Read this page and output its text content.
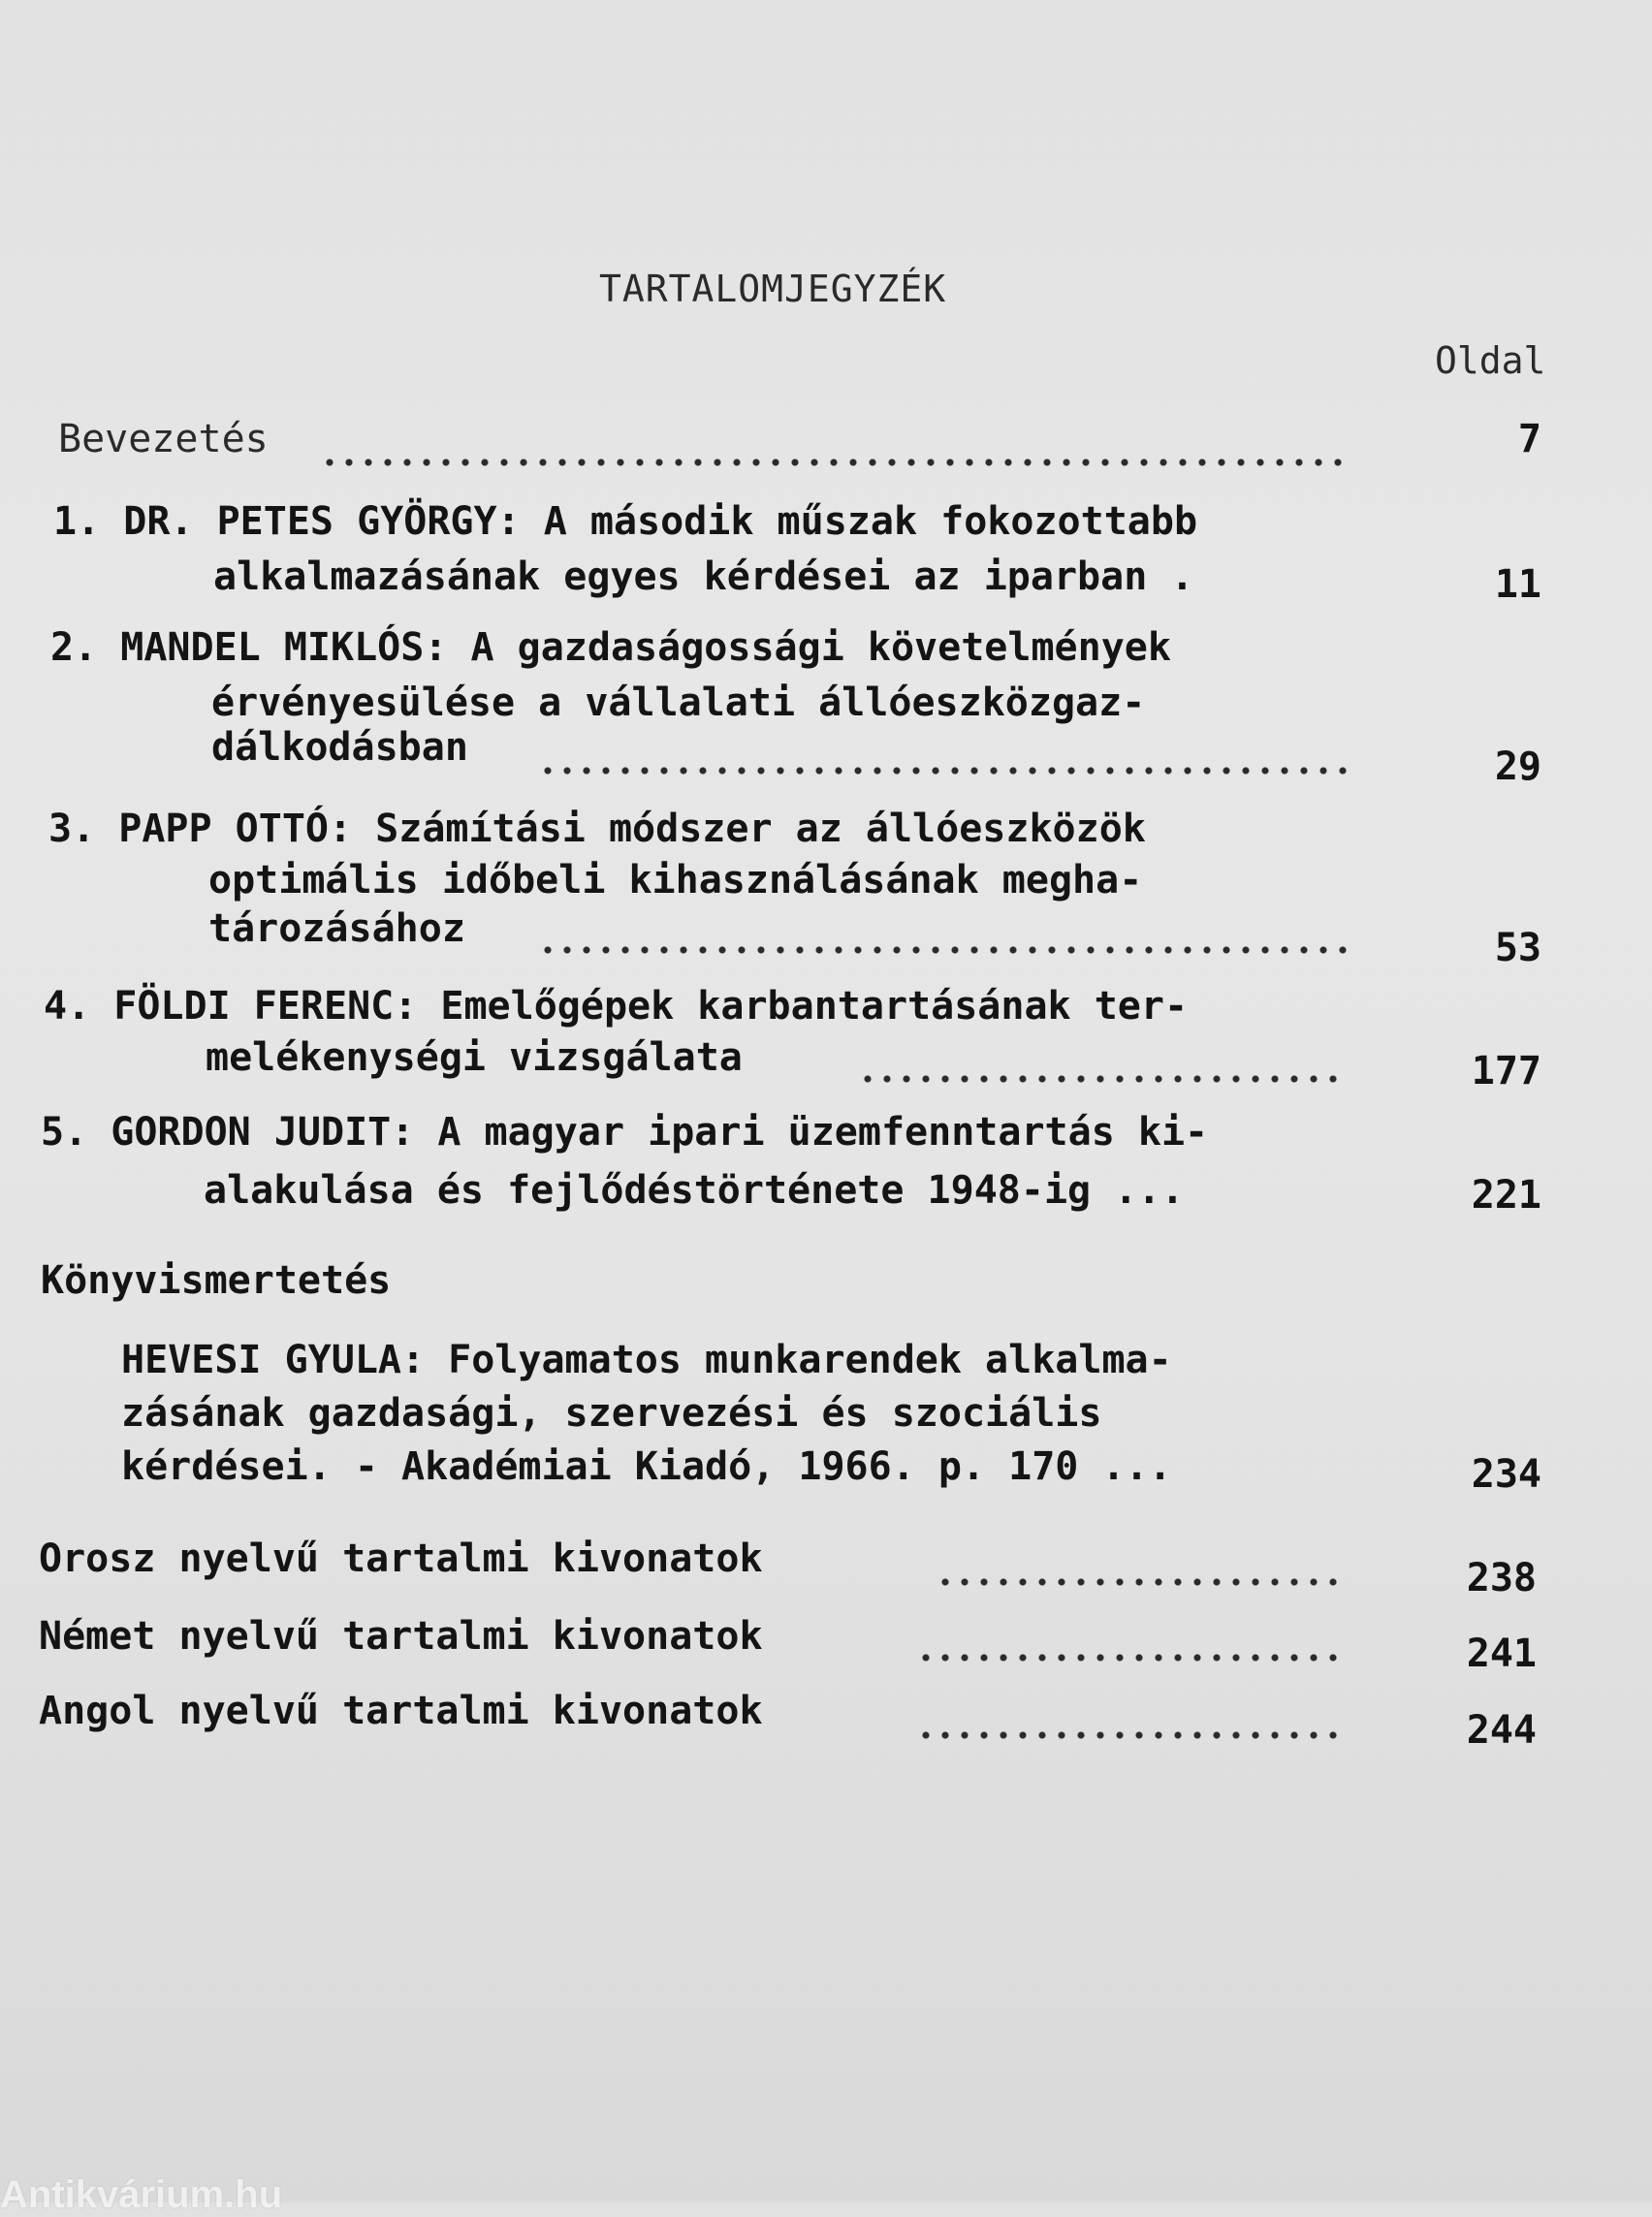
TARTALOMJEGYZÉK
Oldal
Bevezetés	7
1. DR. PETES GYÖRGY: A második műszak fokozottabb
alkalmazásának egyes kérdései az iparban .	11
2. MANDEL MIKLÓS: A gazdaságossági követelmények
érvényesülése a vállalati állóeszközgaz-
dálkodásban	29
3. PAPP OTTÓ: Számítási módszer az állóeszközök
optimális időbeli kihasználásának megha-
tározásához	53
4. FÖLDI FERENC: Emelőgépek karbantartásának ter-
melékenységi vizsgálata	177
5. GORDON JUDIT: A magyar ipari üzemfenntartás ki-
alakulása és fejlődéstörténete 1948-ig ...	221
Könyvismertetés
HEVESI GYULA: Folyamatos munkarendek alkalma-
zásának gazdasági, szervezési és szociális
kérdései. - Akadémiai Kiadó, 1966. p. 170 ...	234
Orosz nyelvű tartalmi kivonatok	238
Német nyelvű tartalmi kivonatok	241
Angol nyelvű tartalmi kivonatok	244
Antikvárium.hu
